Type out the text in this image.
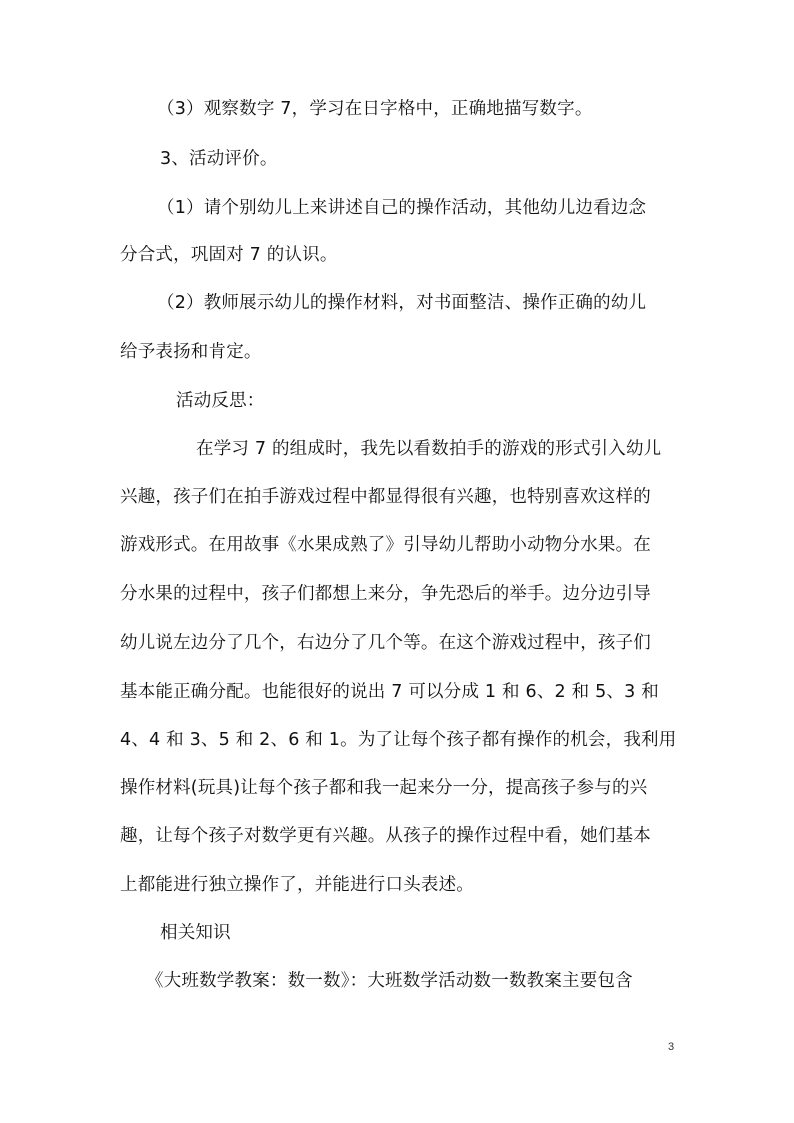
（3）观察数字 7，学习在日字格中，正确地描写数字。
3、活动评价。
（1）请个别幼儿上来讲述自己的操作活动，其他幼儿边看边念
分合式，巩固对 7 的认识。
（2）教师展示幼儿的操作材料，对书面整洁、操作正确的幼儿
给予表扬和肯定。
活动反思：
在学习 7 的组成时，我先以看数拍手的游戏的形式引入幼儿
兴趣，孩子们在拍手游戏过程中都显得很有兴趣，也特别喜欢这样的
游戏形式。在用故事《水果成熟了》引导幼儿帮助小动物分水果。在
分水果的过程中，孩子们都想上来分，争先恐后的举手。边分边引导
幼儿说左边分了几个，右边分了几个等。在这个游戏过程中，孩子们
基本能正确分配。也能很好的说出 7 可以分成 1 和 6、2 和 5、3 和
4、4 和 3、5 和 2、6 和 1。为了让每个孩子都有操作的机会，我利用
操作材料(玩具)让每个孩子都和我一起来分一分，提高孩子参与的兴
趣，让每个孩子对数学更有兴趣。从孩子的操作过程中看，她们基本
上都能进行独立操作了，并能进行口头表述。
相关知识
《大班数学教案：数一数》：大班数学活动数一数教案主要包含
3
